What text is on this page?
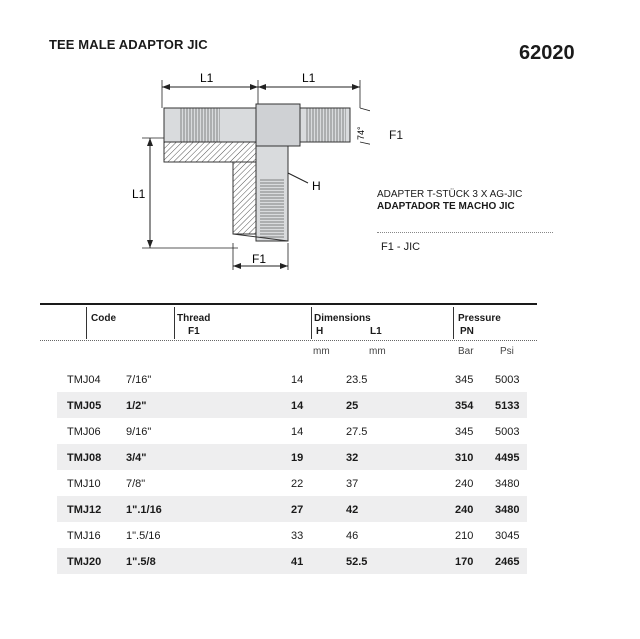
TEE MALE ADAPTOR JIC	62020
L1	L1
L1
H
74°
F1
F1
ADAPTER T-STÜCK 3 X AG-JIC
ADAPTADOR TE MACHO JIC
F1 - JIC
Code	Thread
F1
Dimensions
H	L1
Pressure
PN
mm	mm	Bar	Psi
TMJ04 7/16"	14	23.5	345 5003
TMJ05 1/2"	14	25	354 5133
TMJ06 9/16"	14	27.5	345 5003
TMJ08 3/4"	19	32	310 4495
TMJ10 7/8"	22	37	240 3480
TMJ12 1".1/16	27	42	240 3480
TMJ16 1".5/16	33	46	210 3045
TMJ20 1".5/8	41	52.5	170 2465
